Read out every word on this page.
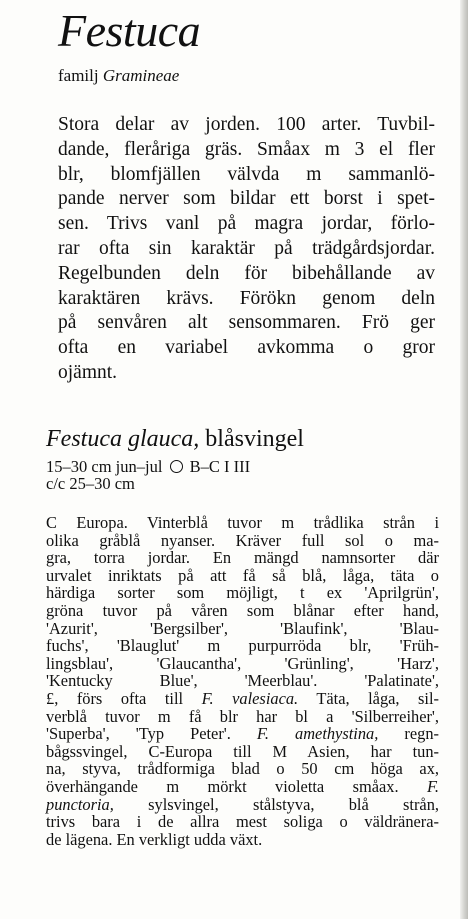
Festuca
familj Gramineae
Stora delar av jorden. 100 arter. Tuvbil-
dande, fleråriga gräs. Småax m 3 el fler
blr, blomfjällen välvda m sammanlö-
pande nerver som bildar ett borst i spet-
sen. Trivs vanl på magra jordar, förlo-
rar ofta sin karaktär på trädgårdsjordar.
Regelbunden deln för bibehållande av
karaktären krävs. Förökn genom deln
på senvåren alt sensommaren. Frö ger
ofta en variabel avkomma o gror
ojämnt.
Festuca glauca, blåsvingel
15–30 cm jun–jul B–C I III
c/c 25–30 cm
C Europa. Vinterblå tuvor m trådlika strån i
olika gråblå nyanser. Kräver full sol o ma-
gra, torra jordar. En mängd namnsorter där
urvalet inriktats på att få så blå, låga, täta o
härdiga sorter som möjligt, t ex 'Aprilgrün',
gröna tuvor på våren som blånar efter hand,
'Azurit', 'Bergsilber', 'Blaufink', 'Blau-
fuchs', 'Blauglut' m purpurröda blr, 'Früh-
lingsblau', 'Glaucantha', 'Grünling', 'Harz',
'Kentucky Blue', 'Meerblau'. 'Palatinate',
£, förs ofta till F. valesiaca. Täta, låga, sil-
verblå tuvor m få blr har bl a 'Silberreiher',
'Superba', 'Typ Peter'. F. amethystina, regn-
bågssvingel, C-Europa till M Asien, har tun-
na, styva, trådformiga blad o 50 cm höga ax,
överhängande m mörkt violetta småax. F.
punctoria, sylsvingel, stålstyva, blå strån,
trivs bara i de allra mest soliga o väldränera-
de lägena. En verkligt udda växt.
